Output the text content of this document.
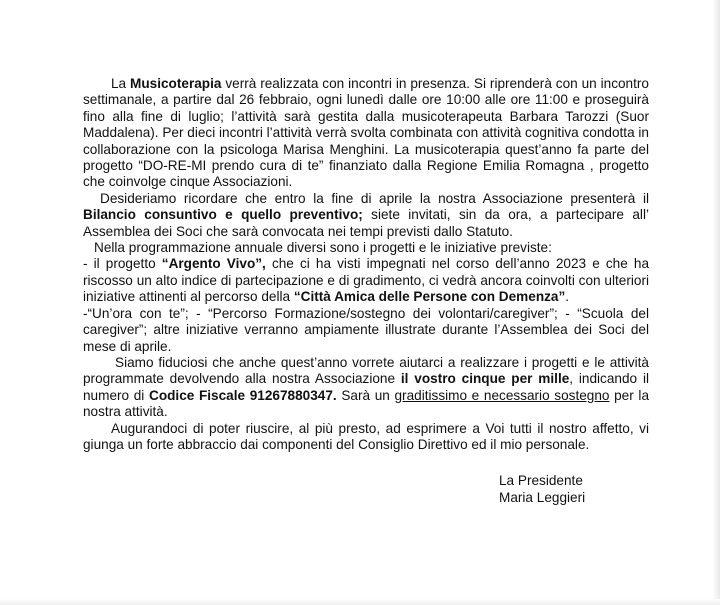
La Musicoterapia verrà realizzata con incontri in presenza. Si riprenderà con un incontro settimanale, a partire dal 26 febbraio, ogni lunedì dalle ore 10:00 alle ore 11:00 e proseguirà fino alla fine di luglio; l’attività sarà gestita dalla musicoterapeuta Barbara Tarozzi (Suor Maddalena). Per dieci incontri l’attività verrà svolta combinata con attività cognitiva condotta in collaborazione con la psicologa Marisa Menghini. La musicoterapia quest’anno fa parte del progetto “DO-RE-MI prendo cura di te” finanziato dalla Regione Emilia Romagna , progetto che coinvolge cinque Associazioni.

Desideriamo ricordare che entro la fine di aprile la nostra Associazione presenterà il Bilancio consuntivo e quello preventivo; siete invitati, sin da ora, a partecipare all’ Assemblea dei Soci che sarà convocata nei tempi previsti dallo Statuto.

Nella programmazione annuale diversi sono i progetti e le iniziative previste:

- il progetto “Argento Vivo”, che ci ha visti impegnati nel corso dell’anno 2023 e che ha riscosso un alto indice di partecipazione e di gradimento, ci vedrà ancora coinvolti con ulteriori iniziative attinenti al percorso della “Città Amica delle Persone con Demenza”.

-“Un’ora con te”; - “Percorso Formazione/sostegno dei volontari/caregiver”; - “Scuola del caregiver”; altre iniziative verranno ampiamente illustrate durante l’Assemblea dei Soci del mese di aprile.

Siamo fiduciosi che anche quest’anno vorrete aiutarci a realizzare i progetti e le attività programmate devolvendo alla nostra Associazione il vostro cinque per mille, indicando il numero di Codice Fiscale 91267880347. Sarà un graditissimo e necessario sostegno per la nostra attività.

Augurandoci di poter riuscire, al più presto, ad esprimere a Voi tutti il nostro affetto, vi giunga un forte abbraccio dai componenti del Consiglio Direttivo ed il mio personale.

La Presidente
Maria Leggieri
